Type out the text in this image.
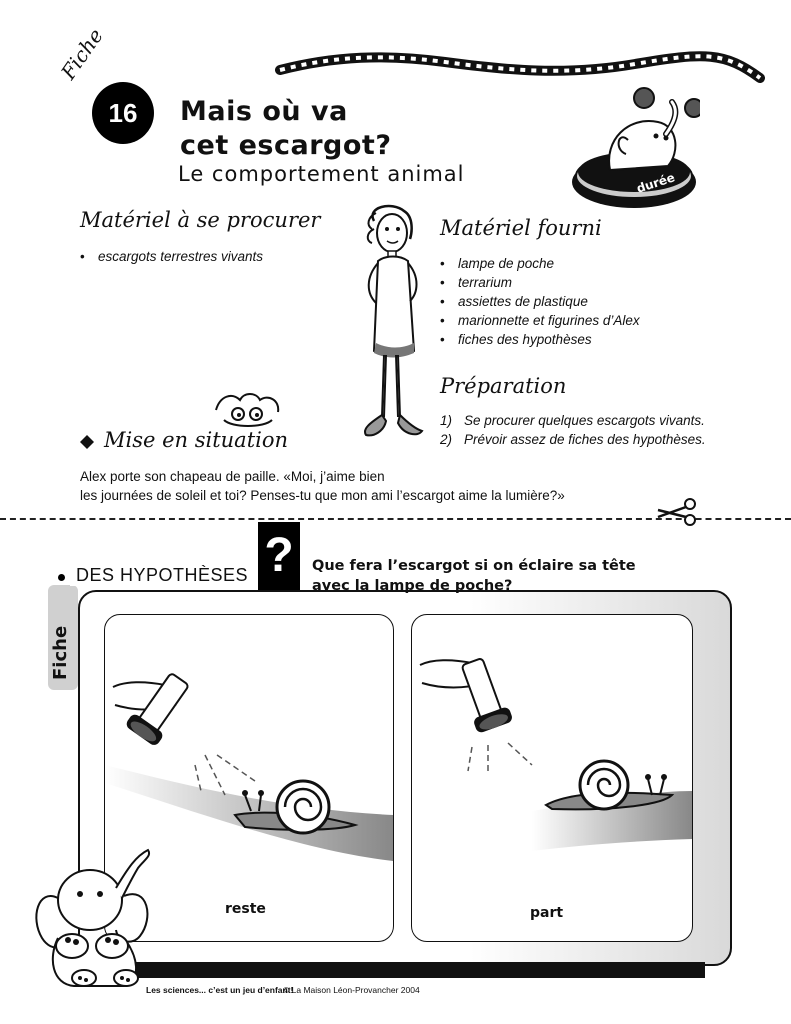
Fiche
16	Mais où va
cet escargot?
Le comportement animal	durée
Matériel à se procurer
• escargots terrestres vivants
Matériel fourni
• lampe de poche
• terrarium
• assiettes de plastique
• marionnette et figurines d’Alex
• fiches des hypothèses
Préparation
1) Se procurer quelques escargots vivants.
2) Prévoir assez de fiches des hypothèses.
Mise en situation
Alex porte son chapeau de paille. «Moi, j’aime bien
les journées de soleil et toi? Penses-tu que mon ami l’escargot aime la lumière?»
Fiche
DES HYPOTHÈSES ?	Que fera l’escargot si on éclaire sa tête
avec la lampe de poche?
reste	part
Les sciences... c’est un jeu d’enfant!
© La Maison Léon-Provancher 2004
